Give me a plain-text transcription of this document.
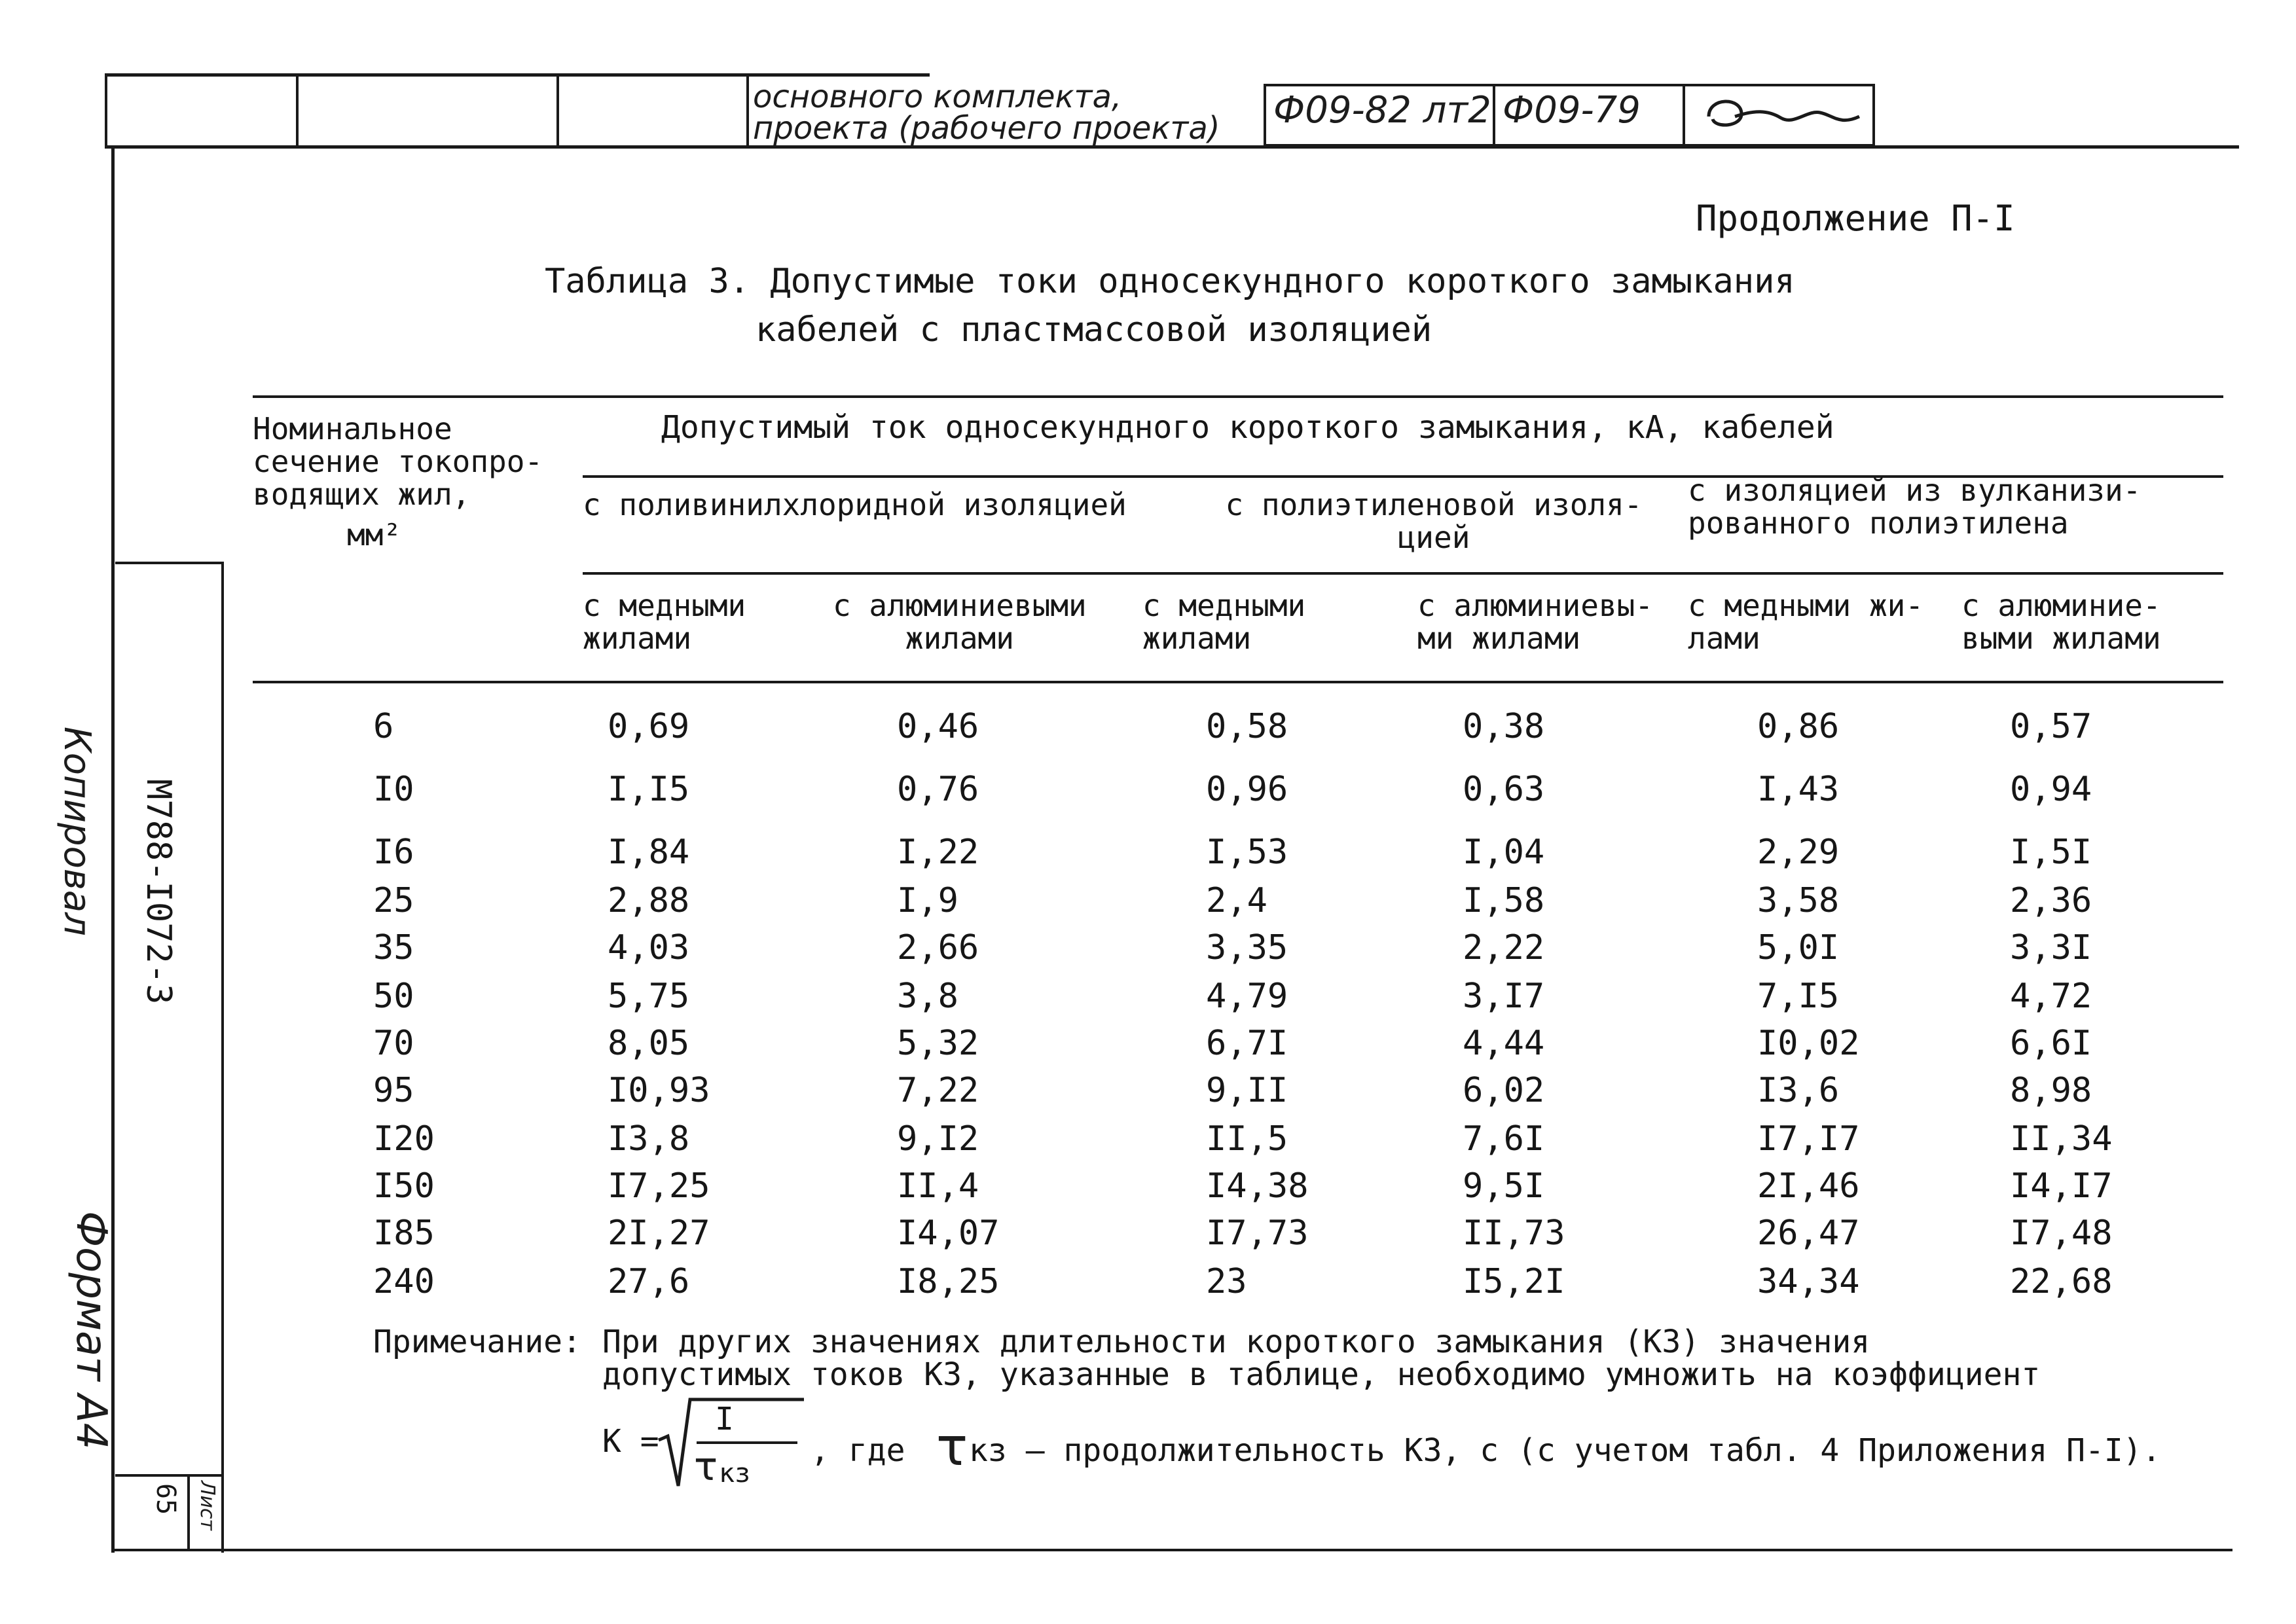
основного комплекта,
проекта (рабочего проекта) Ф09-82 лт2 Ф09-79
М788-I072-3
65 Лист
Копировал
Формат А4
Продолжение П-I
Таблица 3. Допустимые токи односекундного короткого замыкания
кабелей с пластмассовой изоляцией
Номинальное
сечение токопро-
водящих жил,
мм²
Допустимый ток односекундного короткого замыкания, кА, кабелей
с поливинилхлоридной изоляцией	с полиэтиленовой изоля-
цией
с изоляцией из вулканизи-
рованного полиэтилена
с медными
жилами
с алюминиевыми
жилами
с медными
жилами
с алюминиевы-
ми жилами
с медными жи-
лами
с алюминие-
выми жилами
6	0,69	0,46	0,58	0,38	0,86	0,57
I0	I,I5	0,76	0,96	0,63	I,43	0,94
I6	I,84	I,22	I,53	I,04	2,29	I,5I
25	2,88	I,9	2,4	I,58	3,58	2,36
35	4,03	2,66	3,35	2,22	5,0I	3,3I
50	5,75	3,8	4,79	3,I7	7,I5	4,72
70	8,05	5,32	6,7I	4,44	I0,02	6,6I
95	I0,93	7,22	9,II	6,02	I3,6	8,98
I20	I3,8	9,I2	II,5	7,6I	I7,I7	II,34
I50	I7,25	II,4	I4,38	9,5I	2I,46	I4,I7
I85	2I,27	I4,07	I7,73	II,73	26,47	I7,48
240	27,6	I8,25	23	I5,2I	34,34	22,68
Примечание: При других значениях длительности короткого замыкания (КЗ) значения
допустимых токов КЗ, указанные в таблице, необходимо умножить на коэффициент
К =
I
τ кз
, где τ кз – продолжительность КЗ, с (с учетом табл. 4 Приложения П-I).
